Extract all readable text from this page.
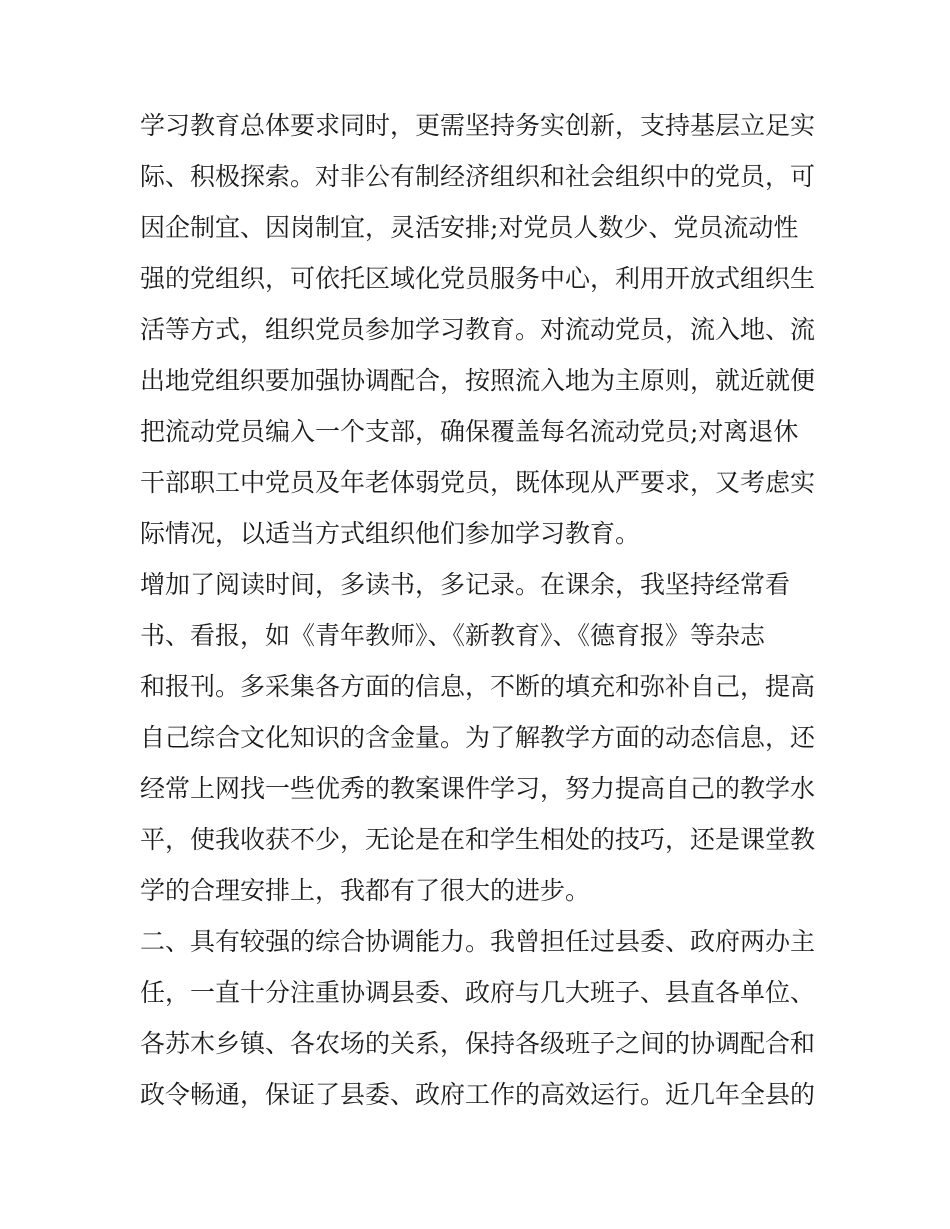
学习教育总体要求同时，更需坚持务实创新，支持基层立足实
际、积极探索。对非公有制经济组织和社会组织中的党员，可
因企制宜、因岗制宜，灵活安排;对党员人数少、党员流动性
强的党组织，可依托区域化党员服务中心，利用开放式组织生
活等方式，组织党员参加学习教育。对流动党员，流入地、流
出地党组织要加强协调配合，按照流入地为主原则，就近就便
把流动党员编入一个支部，确保覆盖每名流动党员;对离退休
干部职工中党员及年老体弱党员，既体现从严要求，又考虑实
际情况，以适当方式组织他们参加学习教育。
增加了阅读时间，多读书，多记录。在课余，我坚持经常看
书、看报，如《青年教师》、《新教育》、《德育报》等杂志
和报刊。多采集各方面的信息，不断的填充和弥补自己，提高
自己综合文化知识的含金量。为了解教学方面的动态信息，还
经常上网找一些优秀的教案课件学习，努力提高自己的教学水
平，使我收获不少，无论是在和学生相处的技巧，还是课堂教
学的合理安排上，我都有了很大的进步。
二、具有较强的综合协调能力。我曾担任过县委、政府两办主
任，一直十分注重协调县委、政府与几大班子、县直各单位、
各苏木乡镇、各农场的关系，保持各级班子之间的协调配合和
政令畅通，保证了县委、政府工作的高效运行。近几年全县的
